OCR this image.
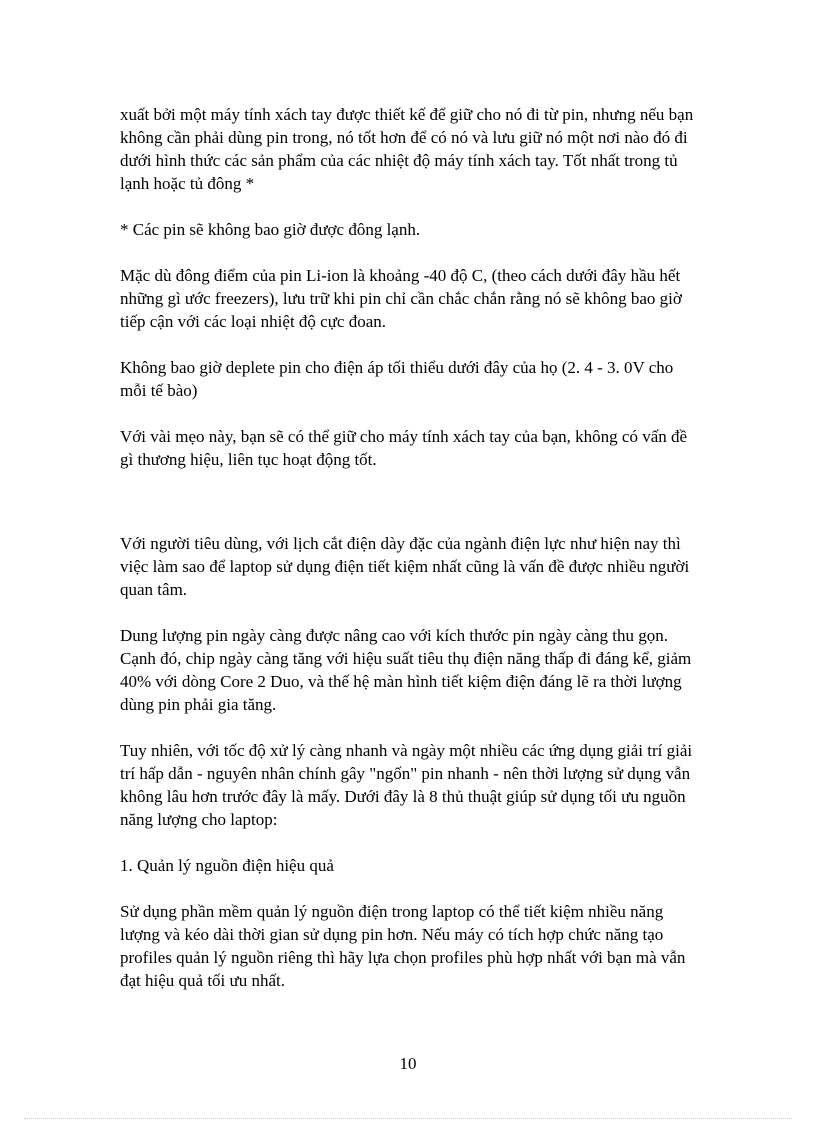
xuất bởi một máy tính xách tay được thiết kế để giữ cho nó đi từ pin, nhưng nếu bạn không cần phải dùng pin trong, nó tốt hơn để có nó và lưu giữ nó một nơi nào đó đi dưới hình thức các sản phẩm của các nhiệt độ máy tính xách tay. Tốt nhất trong tủ lạnh hoặc tủ đông *

* Các pin sẽ không bao giờ được đông lạnh.

Mặc dù đông điểm của pin Li-ion là khoảng -40 độ C, (theo cách dưới đây hầu hết những gì ước freezers), lưu trữ khi pin chỉ cần chắc chắn rằng nó sẽ không bao giờ tiếp cận với các loại nhiệt độ cực đoan.

Không bao giờ deplete pin cho điện áp tối thiểu dưới đây của họ (2. 4 - 3. 0V cho mỗi tế bào)

Với vài mẹo này, bạn sẽ có thể giữ cho máy tính xách tay của bạn, không có vấn đề gì thương hiệu, liên tục hoạt động tốt.

Với người tiêu dùng, với lịch cắt điện dày đặc của ngành điện lực như hiện nay thì việc làm sao để laptop sử dụng điện tiết kiệm nhất cũng là vấn đề được nhiều người quan tâm.

Dung lượng pin ngày càng được nâng cao với kích thước pin ngày càng thu gọn. Cạnh đó, chip ngày càng tăng với hiệu suất tiêu thụ điện năng thấp đi đáng kể, giảm 40% với dòng Core 2 Duo, và thế hệ màn hình tiết kiệm điện đáng lẽ ra thời lượng dùng pin phải gia tăng.

Tuy nhiên, với tốc độ xử lý càng nhanh và ngày một nhiều các ứng dụng giải trí giải trí hấp dẫn - nguyên nhân chính gây "ngốn" pin nhanh - nên thời lượng sử dụng vẫn không lâu hơn trước đây là mấy. Dưới đây là 8 thủ thuật giúp sử dụng tối ưu nguồn năng lượng cho laptop:

1. Quản lý nguồn điện hiệu quả

Sử dụng phần mềm quản lý nguồn điện trong laptop có thể tiết kiệm nhiều năng lượng và kéo dài thời gian sử dụng pin hơn. Nếu máy có tích hợp chức năng tạo profiles quản lý nguồn riêng thì hãy lựa chọn profiles phù hợp nhất với bạn mà vẫn đạt hiệu quả tối ưu nhất.

10
